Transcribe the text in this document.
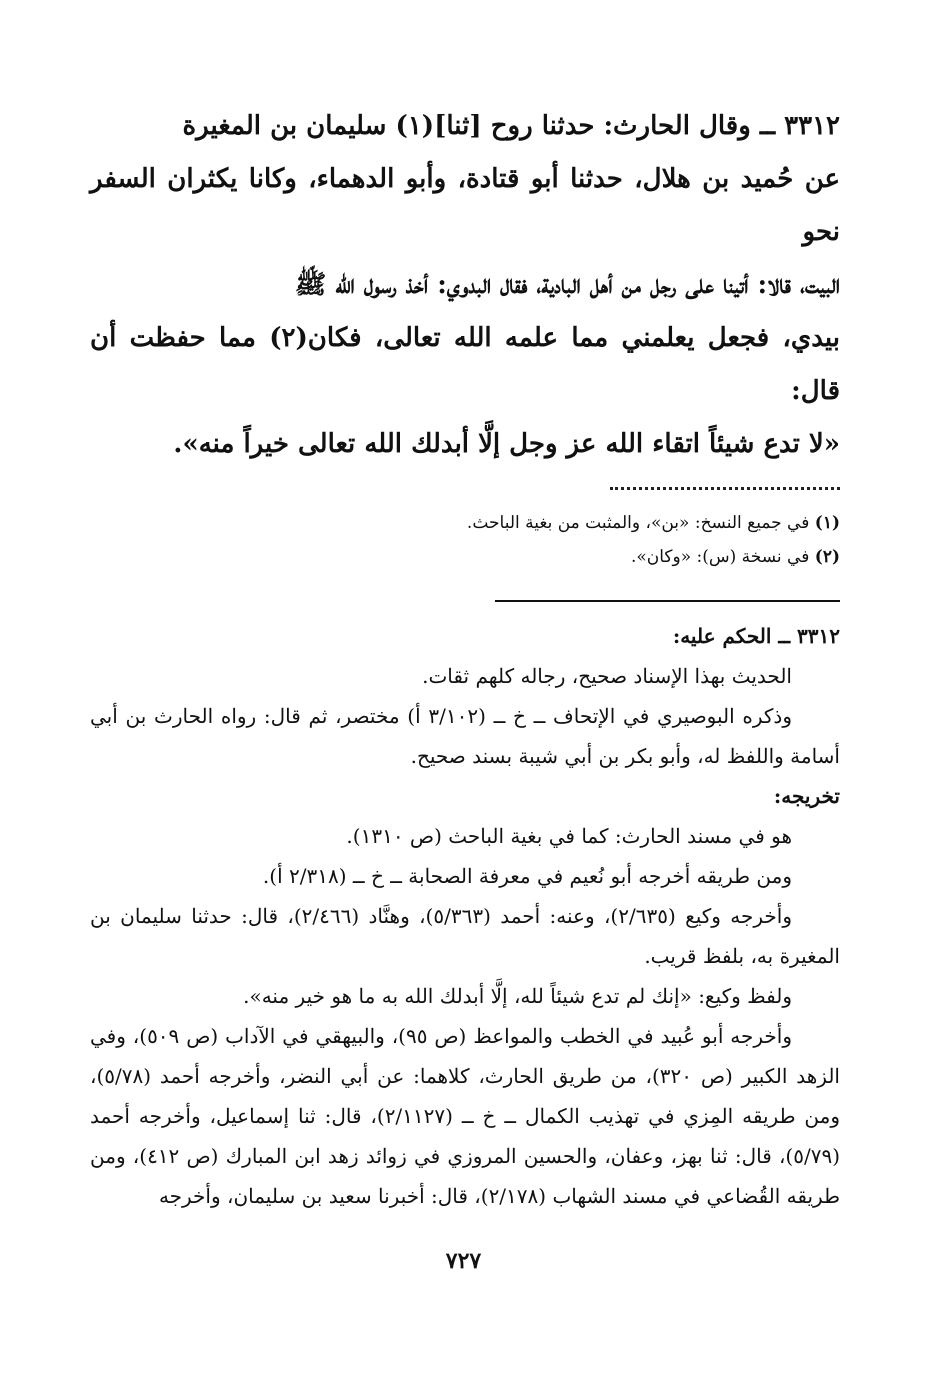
٣٣١٢ ــ وقال الحارث: حدثنا روح [ثنا](١) سليمان بن المغيرة

عن حُميد بن هلال، حدثنا أبو قتادة، وأبو الدهماء، وكانا يكثران السفر نحو

البيت، قالا: أتينا على رجل من أهل البادية، فقال البدوي: أخذ رسول الله ﷺ

بيدي، فجعل يعلمني مما علمه الله تعالى، فكان(٢) مما حفظت أن قال:

«لا تدع شيئاً اتقاء الله عز وجل إلَّا أبدلك الله تعالى خيراً منه».

(١) في جميع النسخ: «بن»، والمثبت من بغية الباحث.

(٢) في نسخة (س): «وكان».

٣٣١٢ ــ الحكم عليه:

الحديث بهذا الإسناد صحيح، رجاله كلهم ثقات.

وذكره البوصيري في الإتحاف ــ خ ــ (٣/١٠٢ أ) مختصر، ثم قال: رواه الحارث بن أبي أسامة واللفظ له، وأبو بكر بن أبي شيبة بسند صحيح.

تخريجه:

هو في مسند الحارث: كما في بغية الباحث (ص ١٣١٠).

ومن طريقه أخرجه أبو نُعيم في معرفة الصحابة ــ خ ــ (٢/٣١٨ أ).

وأخرجه وكيع (٢/٦٣٥)، وعنه: أحمد (٥/٣٦٣)، وهنَّاد (٢/٤٦٦)، قال: حدثنا سليمان بن المغيرة به، بلفظ قريب.

ولفظ وكيع: «إنك لم تدع شيئاً لله، إلَّا أبدلك الله به ما هو خير منه».

وأخرجه أبو عُبيد في الخطب والمواعظ (ص ٩٥)، والبيهقي في الآداب (ص ٥٠٩)، وفي الزهد الكبير (ص ٣٢٠)، من طريق الحارث، كلاهما: عن أبي النضر، وأخرجه أحمد (٥/٧٨)، ومن طريقه المِزي في تهذيب الكمال ــ خ ــ (٢/١١٢٧)، قال: ثنا إسماعيل، وأخرجه أحمد (٥/٧٩)، قال: ثنا بهز، وعفان، والحسين المروزي في زوائد زهد ابن المبارك (ص ٤١٢)، ومن طريقه القُضاعي في مسند الشهاب (٢/١٧٨)، قال: أخبرنا سعيد بن سليمان، وأخرجه

٧٢٧
